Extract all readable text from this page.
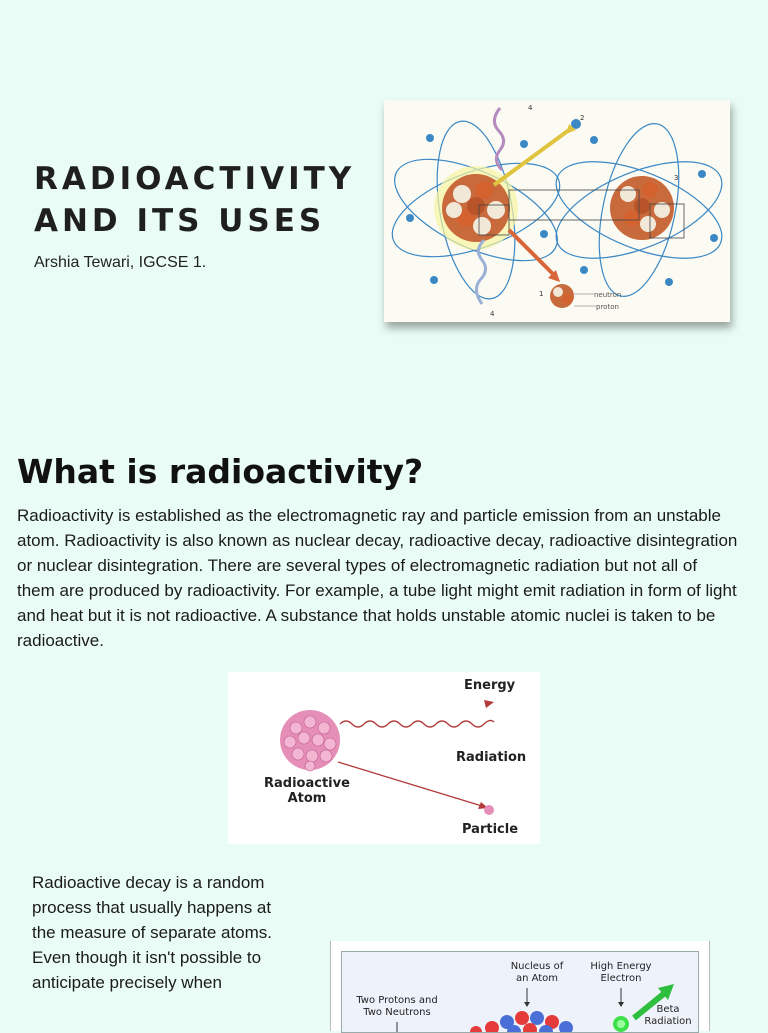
RADIOACTIVITY
AND ITS USES

Arshia Tewari, IGCSE 1.

neutron
proton
1
2
3
4
4
What is radioactivity?

Radioactivity is established as the electromagnetic ray and particle emission from an unstable atom. Radioactivity is also known as nuclear decay, radioactive decay, radioactive disintegration or nuclear disintegration. There are several types of electromagnetic radiation but not all of them are produced by radioactivity. For example, a tube light might emit radiation in form of light and heat but it is not radioactive. A substance that holds unstable atomic nuclei is taken to be radioactive.

Energy
Radiation
Radioactive
Atom
Particle

Radioactive decay is a random process that usually happens at the measure of separate atoms. Even though it isn't possible to anticipate precisely when

Nucleus of
an Atom
High Energy
Electron
Two Protons and
Two Neutrons	Beta
Radiation
